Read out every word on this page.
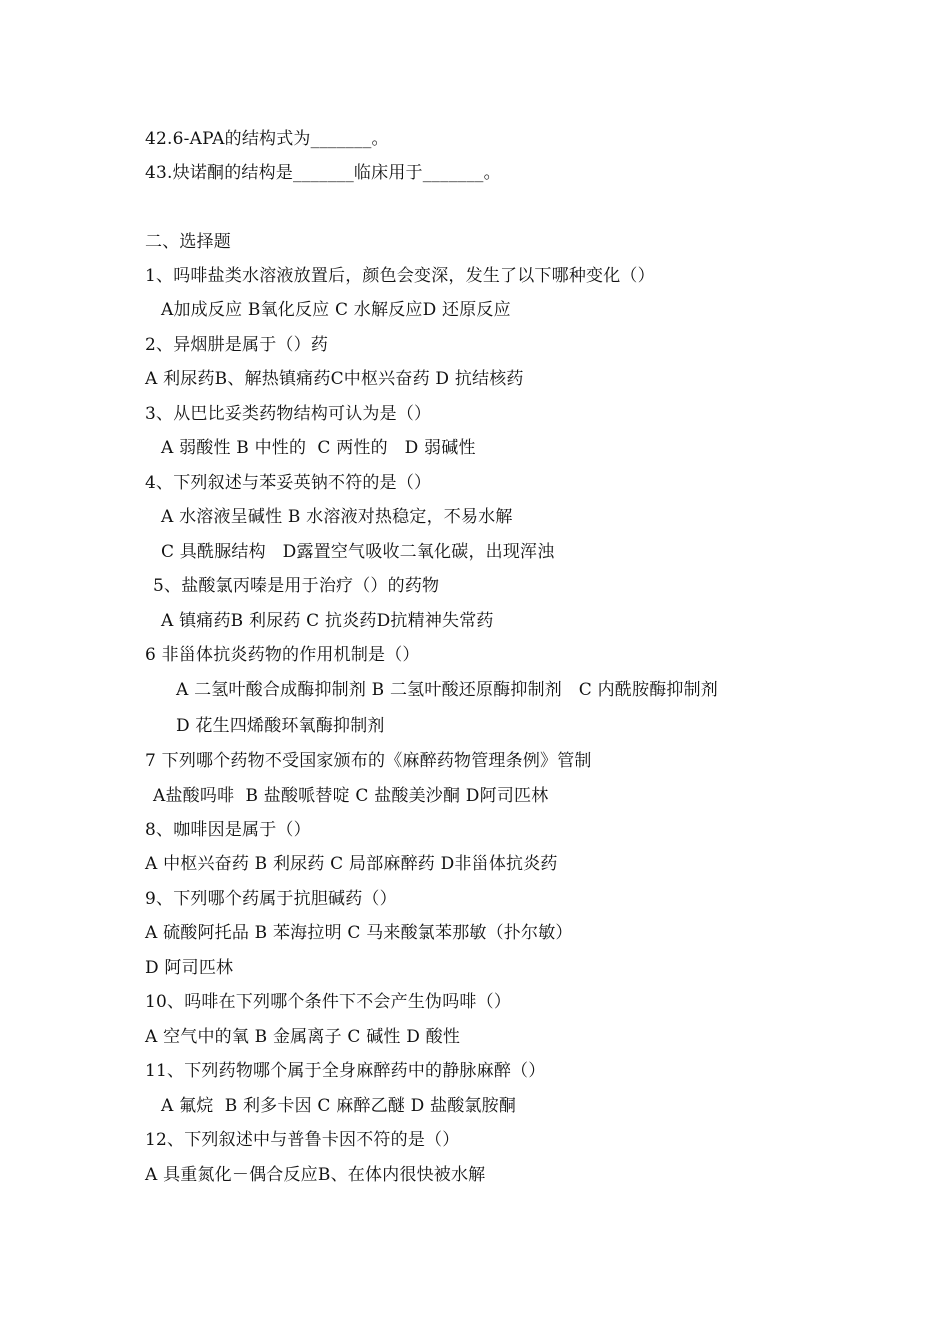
42.6-APA的结构式为_______。
43.炔诺酮的结构是_______临床用于_______。
二、选择题
1、吗啡盐类水溶液放置后，颜色会变深，发生了以下哪种变化（）
A加成反应 B氧化反应 C 水解反应D 还原反应
2、异烟肼是属于（）药
A 利尿药B、解热镇痛药C中枢兴奋药 D 抗结核药
3、从巴比妥类药物结构可认为是（）
A 弱酸性 B 中性的  C 两性的   D 弱碱性
4、下列叙述与苯妥英钠不符的是（）
A 水溶液呈碱性 B 水溶液对热稳定，不易水解
C 具酰脲结构   D露置空气吸收二氧化碳，出现浑浊
5、盐酸氯丙嗪是用于治疗（）的药物
A 镇痛药B 利尿药 C 抗炎药D抗精神失常药
6 非甾体抗炎药物的作用机制是（）
A 二氢叶酸合成酶抑制剂 B 二氢叶酸还原酶抑制剂   C 内酰胺酶抑制剂
D 花生四烯酸环氧酶抑制剂
7 下列哪个药物不受国家颁布的《麻醉药物管理条例》管制
A盐酸吗啡  B 盐酸哌替啶 C 盐酸美沙酮 D阿司匹林
8、咖啡因是属于（）
A 中枢兴奋药 B 利尿药 C 局部麻醉药 D非甾体抗炎药
9、下列哪个药属于抗胆碱药（）
A 硫酸阿托品 B 苯海拉明 C 马来酸氯苯那敏（扑尔敏）
D 阿司匹林
10、吗啡在下列哪个条件下不会产生伪吗啡（）
A 空气中的氧 B 金属离子 C 碱性 D 酸性
11、下列药物哪个属于全身麻醉药中的静脉麻醉（）
A 氟烷  B 利多卡因 C 麻醉乙醚 D 盐酸氯胺酮
12、下列叙述中与普鲁卡因不符的是（）
A 具重氮化－偶合反应B、在体内很快被水解
